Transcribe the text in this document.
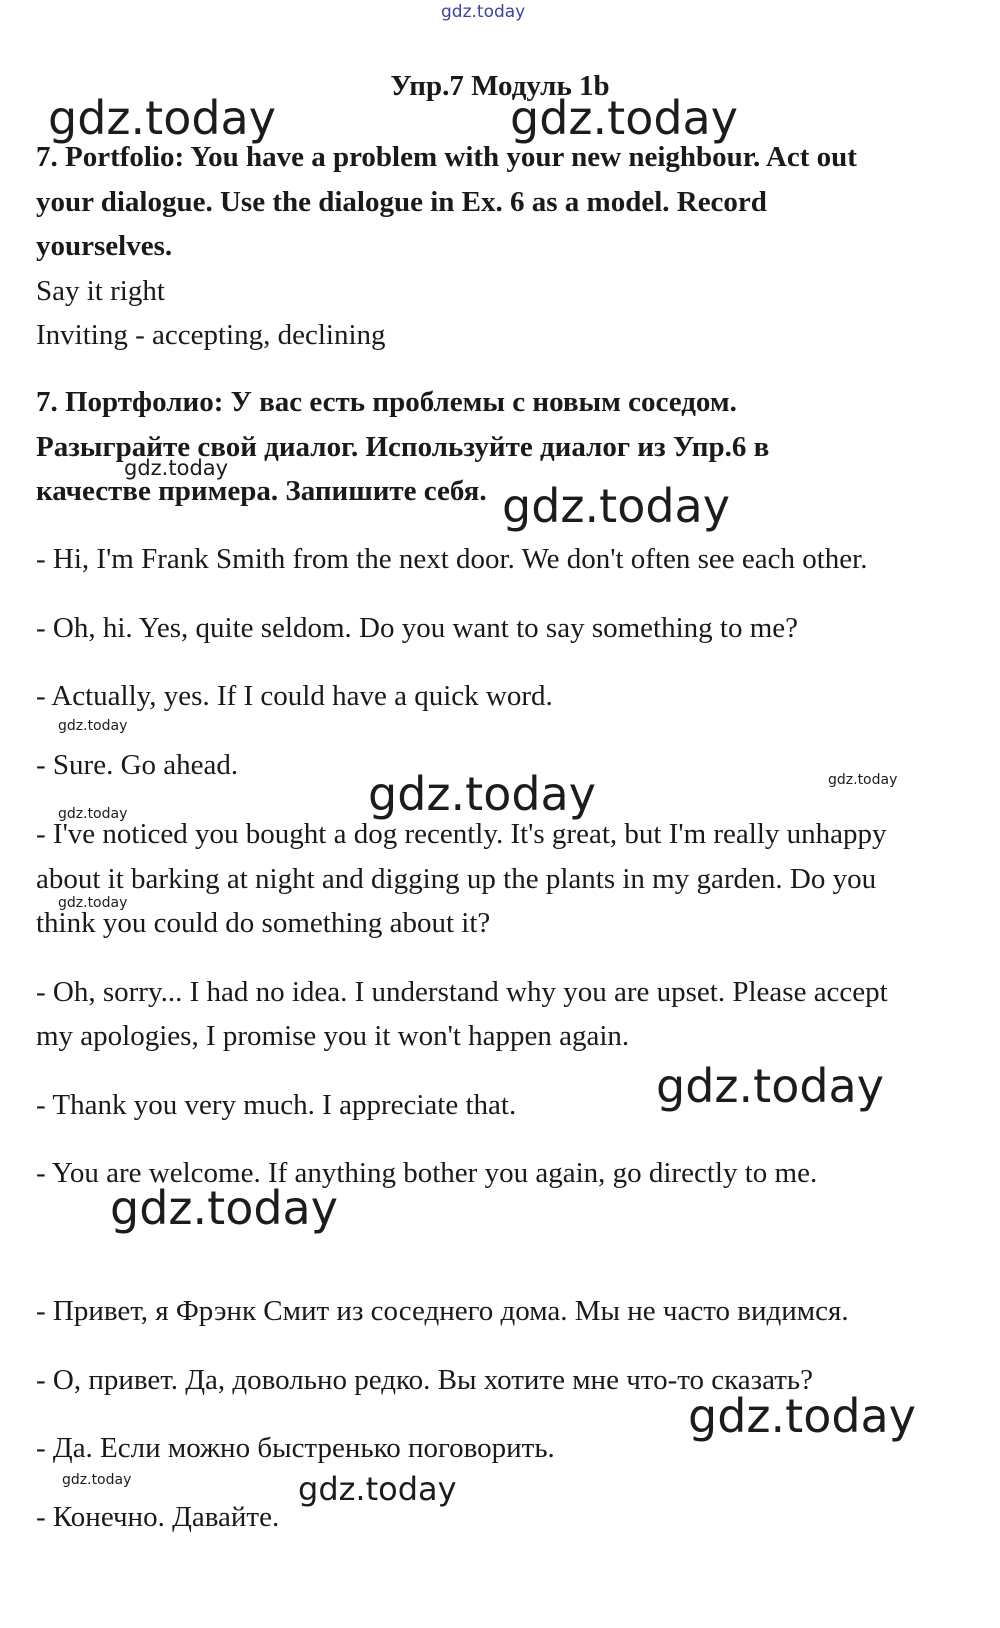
gdz.today
gdz.today	gdz.today
gdz.today
gdz.today
gdz.today
gdz.today	gdz.today
gdz.today
gdz.today
gdz.today
gdz.today
gdz.today
gdz.today	gdz.today
Упр.7 Модуль 1b
7. Portfolio: You have a problem with your new neighbour. Act out
your dialogue. Use the dialogue in Ex. 6 as a model. Record
yourselves.
Say it right
Inviting - accepting, declining
7. Портфолио: У вас есть проблемы с новым соседом.
Разыграйте свой диалог. Используйте диалог из Упр.6 в
качестве примера. Запишите себя.
- Hi, I'm Frank Smith from the next door. We don't often see each other.
- Oh, hi. Yes, quite seldom. Do you want to say something to me?
- Actually, yes. If I could have a quick word.
- Sure. Go ahead.
- I've noticed you bought a dog recently. It's great, but I'm really unhappy
about it barking at night and digging up the plants in my garden. Do you
think you could do something about it?
- Oh, sorry... I had no idea. I understand why you are upset. Please accept
my apologies, I promise you it won't happen again.
- Thank you very much. I appreciate that.
- You are welcome. If anything bother you again, go directly to me.
- Привет, я Фрэнк Смит из соседнего дома. Мы не часто видимся.
- О, привет. Да, довольно редко. Вы хотите мне что-то сказать?
- Да. Если можно быстренько поговорить.
- Конечно. Давайте.
